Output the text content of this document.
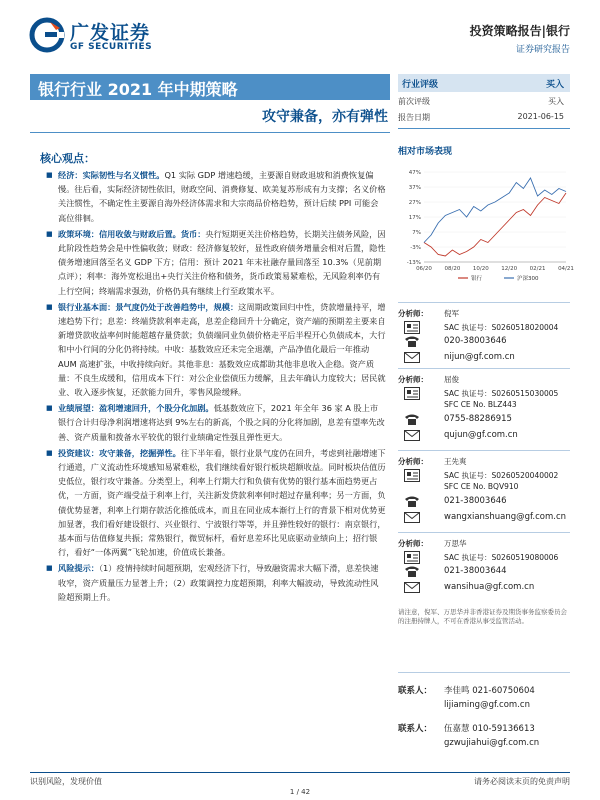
广发证券
GF SECURITIES
投资策略报告|银行
证券研究报告
银行行业 2021 年中期策略
攻守兼备，亦有弹性
核心观点：
■ 经济：实际韧性与名义惯性。Q1 实际 GDP 增速趋缓，主要源自财政退坡和消费恢复偏慢。往后看，实际经济韧性依旧，财政空间、消费修复、欧美复苏形成有力支撑；名义价格关注惯性，不确定性主要源自海外经济体需求和大宗商品价格趋势，预计后续 PPI 可能会高位徘徊。
■ 政策环境：信用收敛与财政后置。货币：央行短期更关注价格趋势，长期关注债务风险，因此阶段性趋势会是中性偏收敛；财政：经济修复较好，显性政府债务增量会相对后置，隐性债务增速回落至名义 GDP 下方；信用：预计 2021 年末社融存量回落至 10.3%（见前期点评）；利率：海外宽松退出+央行关注价格和债务，货币政策易紧难松，无风险利率仍有上行空间；终端需求强劲，价格仍具有继续上行至政策水平。
■ 银行业基本面：景气度仍处于改善趋势中，规模：这周期政策回归中性，贷款增量持平，增速趋势下行；息差：终端贷款利率走高，息差企稳回升十分确定，资产端的预期差主要来自新增贷款收益率何时能超越存量贷款；负债端同业负债价格走平后半程开心负债成本，大行和中小行间的分化仍将持续。中收：基数效应还未完全退潮，产品净值化最后一年推动 AUM 高速扩张，中收持续向好。其他非息：基数效应成都助其他非息收入企稳。资产质量：不良生成缓和，信用成本下行：对公企业偿债压力缓解，且去年确认力度较大；居民就业、收入逐步恢复，还款能力回升，零售风险缓释。
■ 业绩展望：盈利增速回升，个股分化加剧。低基数效应下，2021 年全年 36 家 A 股上市银行合计归母净利润增速将达到 9%左右的新高，个股之间的分化将加剧，息差有望率先改善、资产质量和拨备水平较优的银行业绩确定性强且弹性更大。
■ 投资建议：攻守兼备，挖掘弹性。往下半年看，银行业景气度仍在回升，考虑到社融增速下行通道，广义流动性环境感知易紧难松，我们继续看好银行板块超额收益。同时板块估值历史低位，银行攻守兼备。分类型上，利率上行期大行和负债有优势的银行基本面趋势更占优，一方面，资产端受益于利率上行，关注新发贷款利率何时超过存量利率；另一方面，负债优势显著，利率上行期存款活化推低成本，而且在同业成本渐行上行的背景下相对优势更加显著，我们看好建设银行、兴业银行、宁波银行等等，并且弹性较好的银行：南京银行，基本面与估值修复共振；常熟银行，微贸标杆，看好息差环比见底驱动业绩向上；招行银行，看好“一体两翼”飞轮加速，价值成长兼备。
■ 风险提示：（1）疫情持续时间超预期，宏观经济下行，导致融资需求大幅下滑，息差快速收窄，资产质量压力显著上升；（2）政策调控力度超预期，利率大幅波动，导致流动性风险超预期上升。
行业评级	买入
前次评级	买入
报告日期	2021-06-15
相对市场表现
47%
37%
27%
17%
7%
-3%
-13%
06/20 08/20 10/20 12/20 02/21 04/21
银行	沪深300
分析师： 倪军
SAC 执证号：S0260518020004
020-38003646
nijun@gf.com.cn
分析师： 屈俊
SAC 执证号：S0260515030005
SFC CE No. BLZ443
0755-88286915
qujun@gf.com.cn
分析师： 王先爽
SAC 执证号：S0260520040002
SFC CE No. BQV910
021-38003646
wangxianshuang@gf.com.cn
分析师： 万思华
SAC 执证号：S0260519080006
021-38003644
wansihua@gf.com.cn
请注意，倪军、万思华并非香港证券及期货事务监察委员会的注册持牌人，不可在香港从事受监管活动。
联系人： 李佳鸣 021-60750604
lijiaming@gf.com.cn
联系人： 伍嘉慧 010-59136613
gzwujiahui@gf.com.cn
识别风险，发现价值	请务必阅读末页的免责声明
1 / 42
